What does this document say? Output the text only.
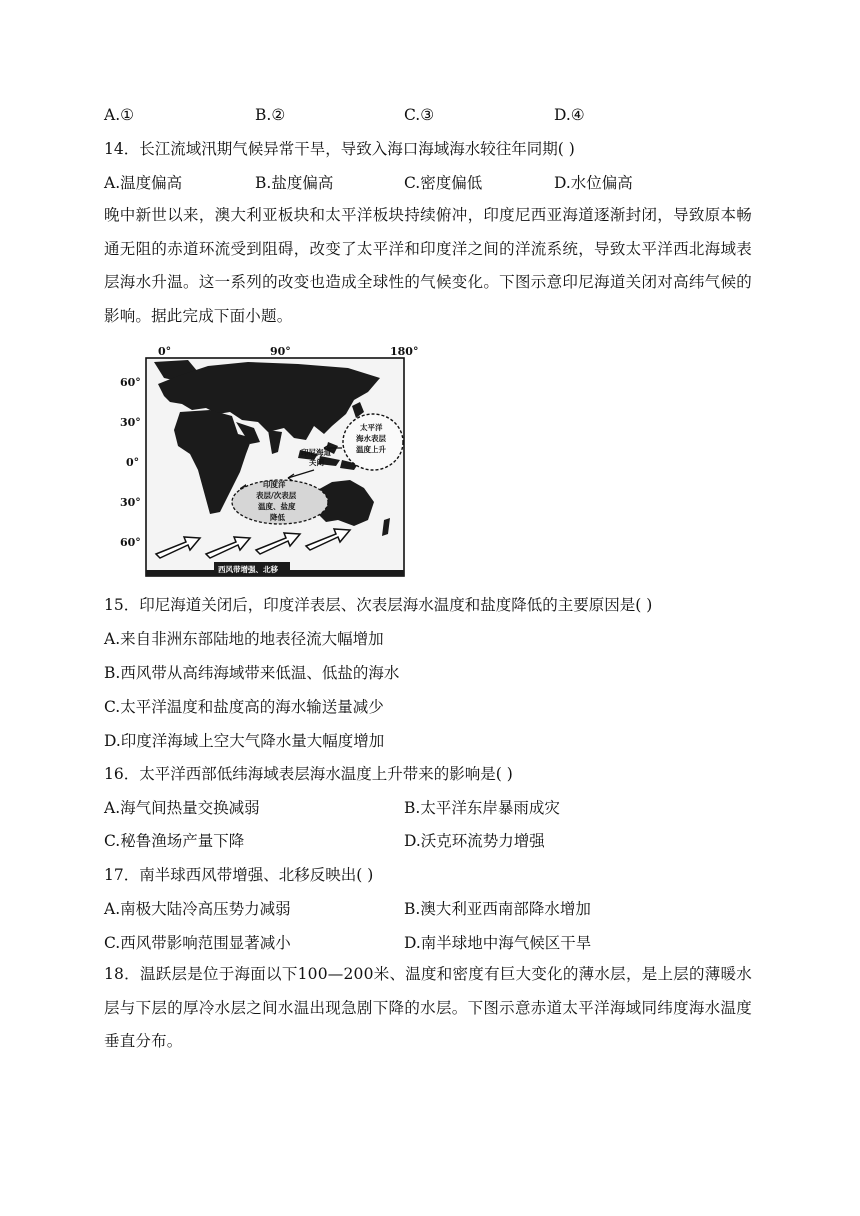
A.①	B.②	C.③	D.④
14．长江流域汛期气候异常干旱，导致入海口海域海水较往年同期( )
A.温度偏高	B.盐度偏高	C.密度偏低	D.水位偏高
晚中新世以来，澳大利亚板块和太平洋板块持续俯冲，印度尼西亚海道逐渐封闭，导致原本畅通无阻的赤道环流受到阻碍，改变了太平洋和印度洋之间的洋流系统，导致太平洋西北海域表层海水升温。这一系列的改变也造成全球性的气候变化。下图示意印尼海道关闭对高纬气候的影响。据此完成下面小题。
0°	90°	180°
60°
30°
0°
30°
60°
太平洋
海水表层
温度上升
印尼海道
关闭
印度洋
表层/次表层
温度、盐度
降低
西风带增强、北移
15．印尼海道关闭后，印度洋表层、次表层海水温度和盐度降低的主要原因是( )
A.来自非洲东部陆地的地表径流大幅增加
B.西风带从高纬海域带来低温、低盐的海水
C.太平洋温度和盐度高的海水输送量减少
D.印度洋海域上空大气降水量大幅度增加
16．太平洋西部低纬海域表层海水温度上升带来的影响是( )
A.海气间热量交换减弱	B.太平洋东岸暴雨成灾
C.秘鲁渔场产量下降	D.沃克环流势力增强
17．南半球西风带增强、北移反映出( )
A.南极大陆冷高压势力减弱	B.澳大利亚西南部降水增加
C.西风带影响范围显著减小	D.南半球地中海气候区干旱
18．温跃层是位于海面以下100—200米、温度和密度有巨大变化的薄水层，是上层的薄暖水层与下层的厚冷水层之间水温出现急剧下降的水层。下图示意赤道太平洋海域同纬度海水温度垂直分布。
